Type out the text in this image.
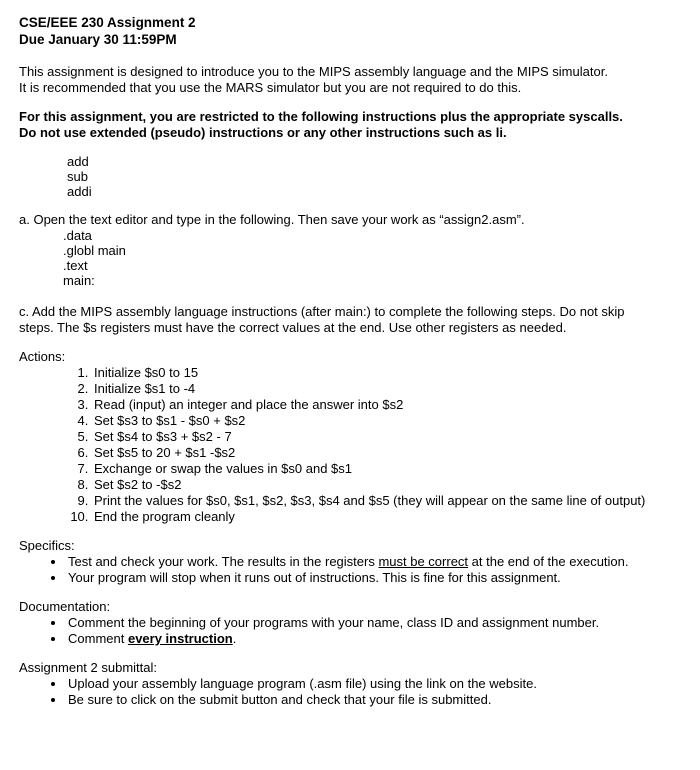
CSE/EEE 230 Assignment 2
Due January 30 11:59PM
This assignment is designed to introduce you to the MIPS assembly language and the MIPS simulator.
It is recommended that you use the MARS simulator but you are not required to do this.
For this assignment, you are restricted to the following instructions plus the appropriate syscalls.
Do not use extended (pseudo) instructions or any other instructions such as li.
add
sub
addi
a. Open the text editor and type in the following. Then save your work as “assign2.asm”.
.data
.globl main
.text
main:
c. Add the MIPS assembly language instructions (after main:) to complete the following steps. Do not skip
steps. The $s registers must have the correct values at the end. Use other registers as needed.
Actions:
1. Initialize $s0 to 15
2. Initialize $s1 to -4
3. Read (input) an integer and place the answer into $s2
4. Set $s3 to $s1 - $s0 + $s2
5. Set $s4 to $s3 + $s2 - 7
6. Set $s5 to 20 + $s1 -$s2
7. Exchange or swap the values in $s0 and $s1
8. Set $s2 to -$s2
9. Print the values for $s0, $s1, $s2, $s3, $s4 and $s5 (they will appear on the same line of output)
10. End the program cleanly
Specifics:
• Test and check your work. The results in the registers must be correct at the end of the execution.
• Your program will stop when it runs out of instructions. This is fine for this assignment.
Documentation:
• Comment the beginning of your programs with your name, class ID and assignment number.
• Comment every instruction.
Assignment 2 submittal:
• Upload your assembly language program (.asm file) using the link on the website.
• Be sure to click on the submit button and check that your file is submitted.
